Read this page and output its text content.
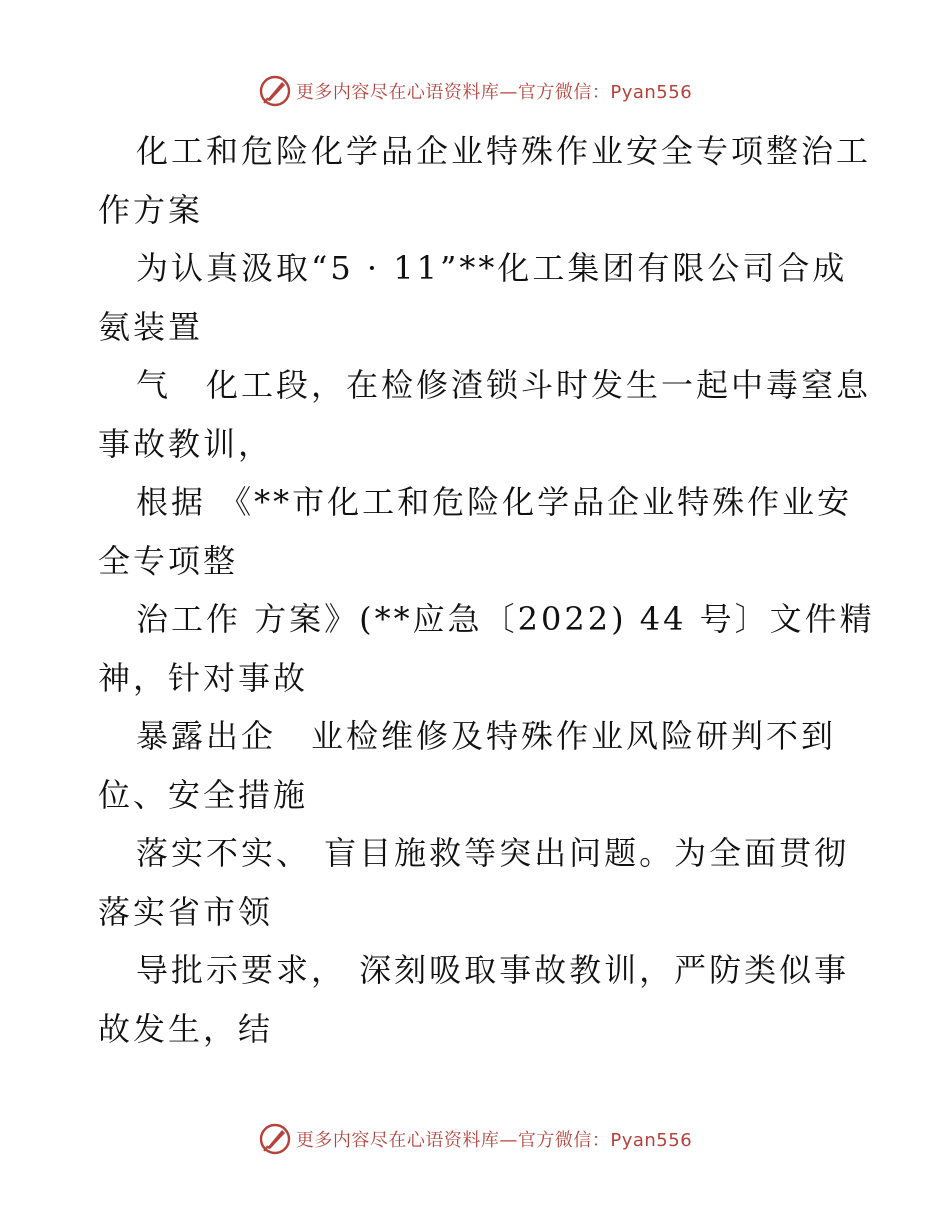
更多内容尽在心语资料库—官方微信：Pyan556

化工和危险化学品企业特殊作业安全专项整治工作方案

为认真汲取“5 · 11”**化工集团有限公司合成氨装置

气　化工段，在检修渣锁斗时发生一起中毒窒息事故教训，

根据 《**市化工和危险化学品企业特殊作业安全专项整

治工作 方案》(**应急〔2022) 44 号〕文件精神，针对事故

暴露出企　业检维修及特殊作业风险研判不到位、安全措施

落实不实、 盲目施救等突出问题。为全面贯彻落实省市领

导批示要求， 深刻吸取事故教训，严防类似事故发生，结

更多内容尽在心语资料库—官方微信：Pyan556
